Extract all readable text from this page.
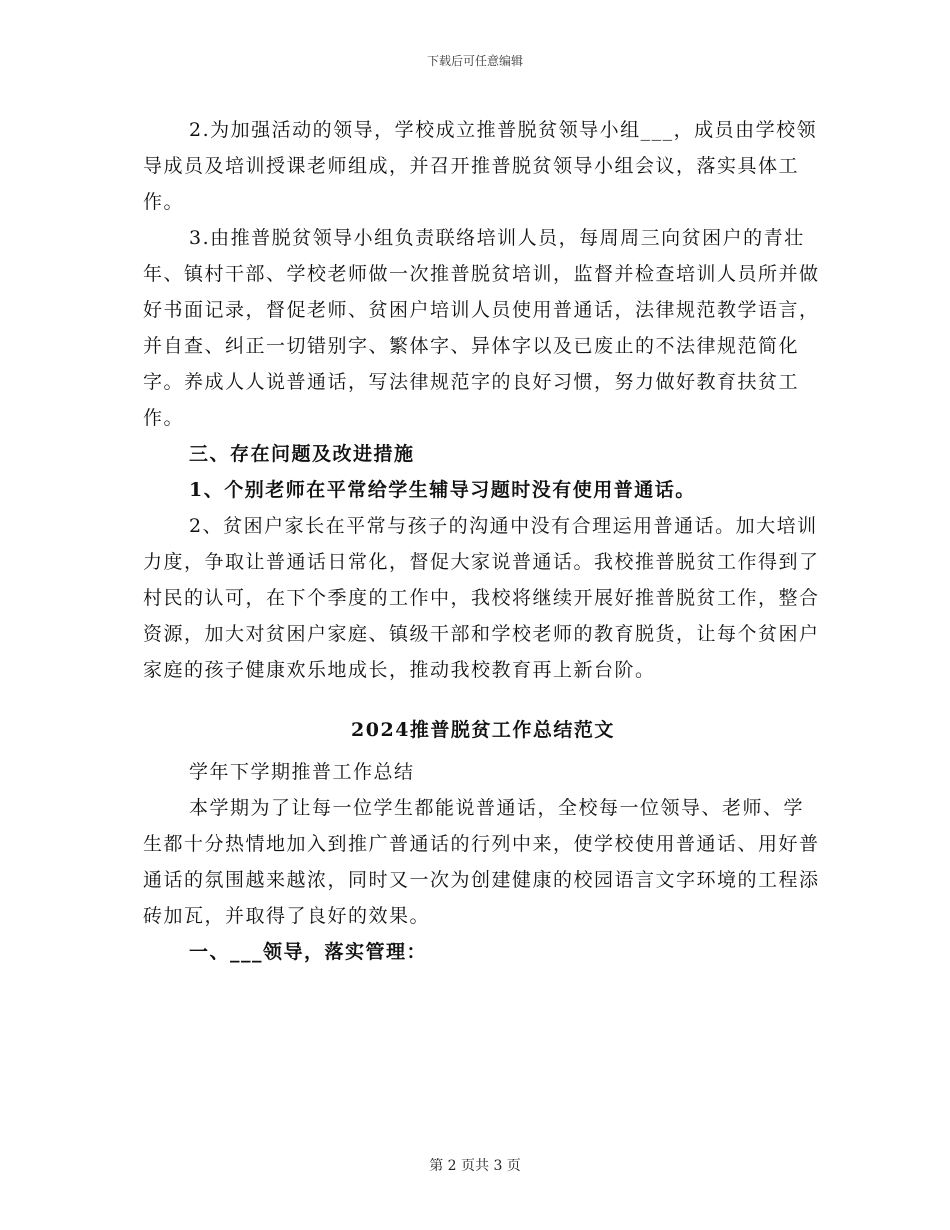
下载后可任意编辑

2.为加强活动的领导，学校成立推普脱贫领导小组___，成员由学校领导成员及培训授课老师组成，并召开推普脱贫领导小组会议，落实具体工作。

3.由推普脱贫领导小组负责联络培训人员，每周周三向贫困户的青壮年、镇村干部、学校老师做一次推普脱贫培训，监督并检查培训人员所并做好书面记录，督促老师、贫困户培训人员使用普通话，法律规范教学语言，并自查、纠正一切错别字、繁体字、异体字以及已废止的不法律规范简化字。养成人人说普通话，写法律规范字的良好习惯，努力做好教育扶贫工作。

三、存在问题及改进措施

1、个别老师在平常给学生辅导习题时没有使用普通话。

2、贫困户家长在平常与孩子的沟通中没有合理运用普通话。加大培训力度，争取让普通话日常化，督促大家说普通话。我校推普脱贫工作得到了村民的认可，在下个季度的工作中，我校将继续开展好推普脱贫工作，整合资源，加大对贫困户家庭、镇级干部和学校老师的教育脱货，让每个贫困户家庭的孩子健康欢乐地成长，推动我校教育再上新台阶。

2024推普脱贫工作总结范文

学年下学期推普工作总结

本学期为了让每一位学生都能说普通话，全校每一位领导、老师、学生都十分热情地加入到推广普通话的行列中来，使学校使用普通话、用好普通话的氛围越来越浓，同时又一次为创建健康的校园语言文字环境的工程添砖加瓦，并取得了良好的效果。

一、___领导，落实管理：

第 2 页共 3 页
